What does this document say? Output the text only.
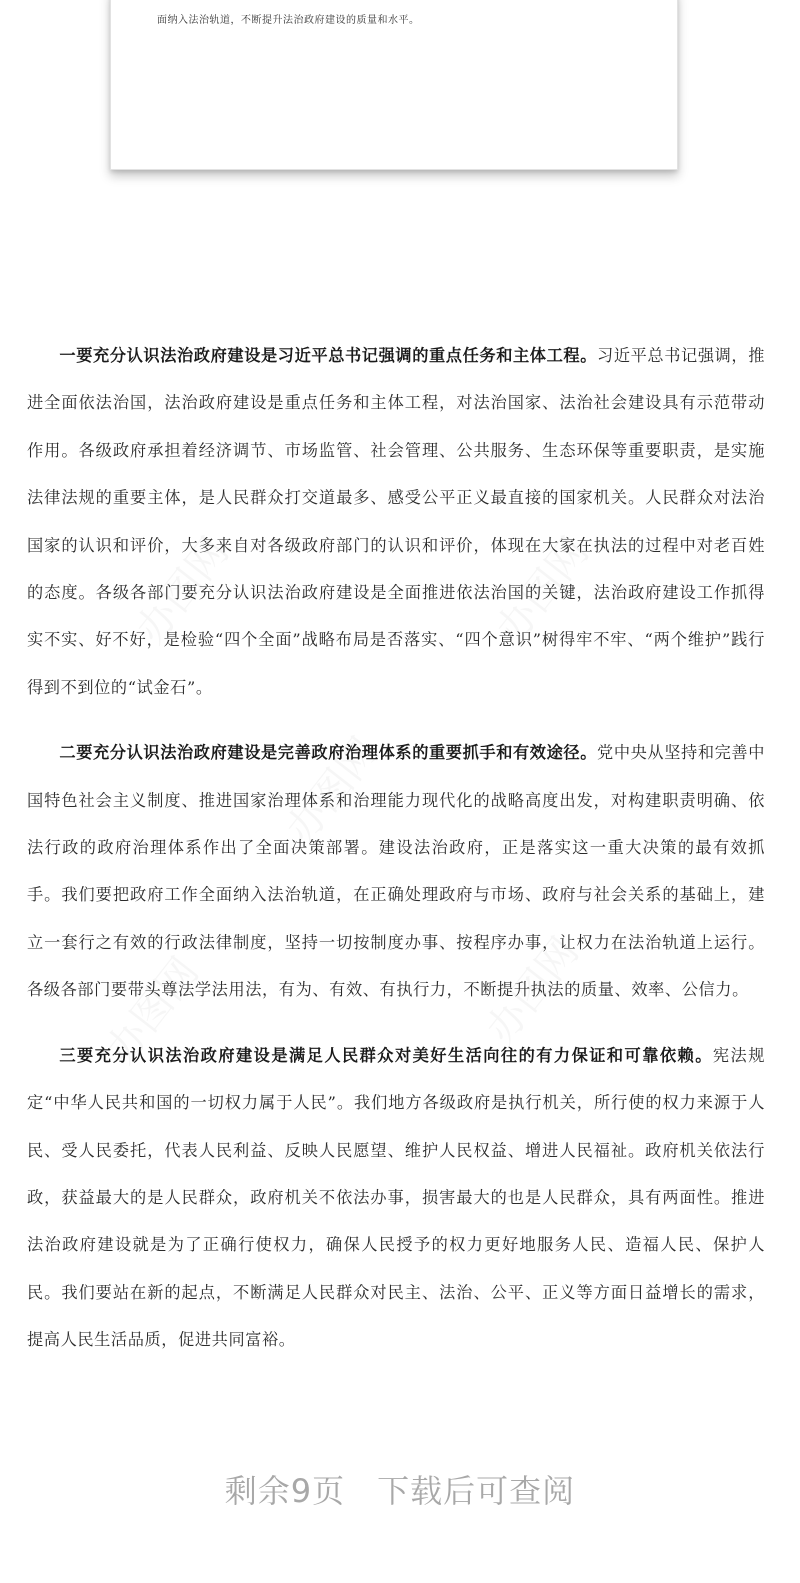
面纳入法治轨道，不断提升法治政府建设的质量和水平。
办图网	办图网
办图网
办图网	办图网

一要充分认识法治政府建设是习近平总书记强调的重点任务和主体工程。习近平总书记强调，推进全面依法治国，法治政府建设是重点任务和主体工程，对法治国家、法治社会建设具有示范带动作用。各级政府承担着经济调节、市场监管、社会管理、公共服务、生态环保等重要职责，是实施法律法规的重要主体，是人民群众打交道最多、感受公平正义最直接的国家机关。人民群众对法治国家的认识和评价，大多来自对各级政府部门的认识和评价，体现在大家在执法的过程中对老百姓的态度。各级各部门要充分认识法治政府建设是全面推进依法治国的关键，法治政府建设工作抓得实不实、好不好，是检验“四个全面”战略布局是否落实、“四个意识”树得牢不牢、“两个维护”践行得到不到位的“试金石”。

二要充分认识法治政府建设是完善政府治理体系的重要抓手和有效途径。党中央从坚持和完善中国特色社会主义制度、推进国家治理体系和治理能力现代化的战略高度出发，对构建职责明确、依法行政的政府治理体系作出了全面决策部署。建设法治政府，正是落实这一重大决策的最有效抓手。我们要把政府工作全面纳入法治轨道，在正确处理政府与市场、政府与社会关系的基础上，建立一套行之有效的行政法律制度，坚持一切按制度办事、按程序办事，让权力在法治轨道上运行。各级各部门要带头尊法学法用法，有为、有效、有执行力，不断提升执法的质量、效率、公信力。

三要充分认识法治政府建设是满足人民群众对美好生活向往的有力保证和可靠依赖。宪法规定“中华人民共和国的一切权力属于人民”。我们地方各级政府是执行机关，所行使的权力来源于人民、受人民委托，代表人民利益、反映人民愿望、维护人民权益、增进人民福祉。政府机关依法行政，获益最大的是人民群众，政府机关不依法办事，损害最大的也是人民群众，具有两面性。推进法治政府建设就是为了正确行使权力，确保人民授予的权力更好地服务人民、造福人民、保护人民。我们要站在新的起点，不断满足人民群众对民主、法治、公平、正义等方面日益增长的需求，提高人民生活品质，促进共同富裕。

剩余9页 下载后可查阅
